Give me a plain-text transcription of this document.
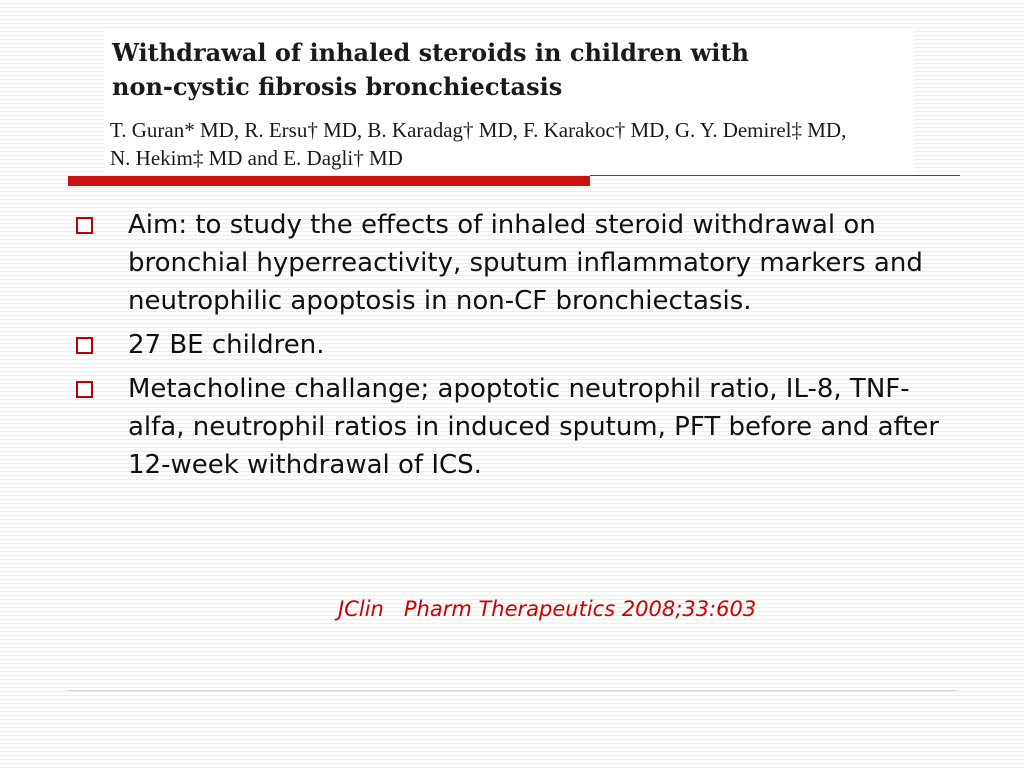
Withdrawal of inhaled steroids in children with
non-cystic fibrosis bronchiectasis

T. Guran* MD, R. Ersu† MD, B. Karadag† MD, F. Karakoc† MD, G. Y. Demirel‡ MD,
N. Hekim‡ MD and E. Dagli† MD

Aim: to study the effects of inhaled steroid withdrawal on bronchial hyperreactivity, sputum inflammatory markers and neutrophilic apoptosis in non-CF bronchiectasis.
27 BE children.
Metacholine challange; apoptotic neutrophil ratio, IL-8, TNF-alfa, neutrophil ratios in induced sputum, PFT before and after 12-week withdrawal of ICS.

JClin   Pharm Therapeutics 2008;33:603
